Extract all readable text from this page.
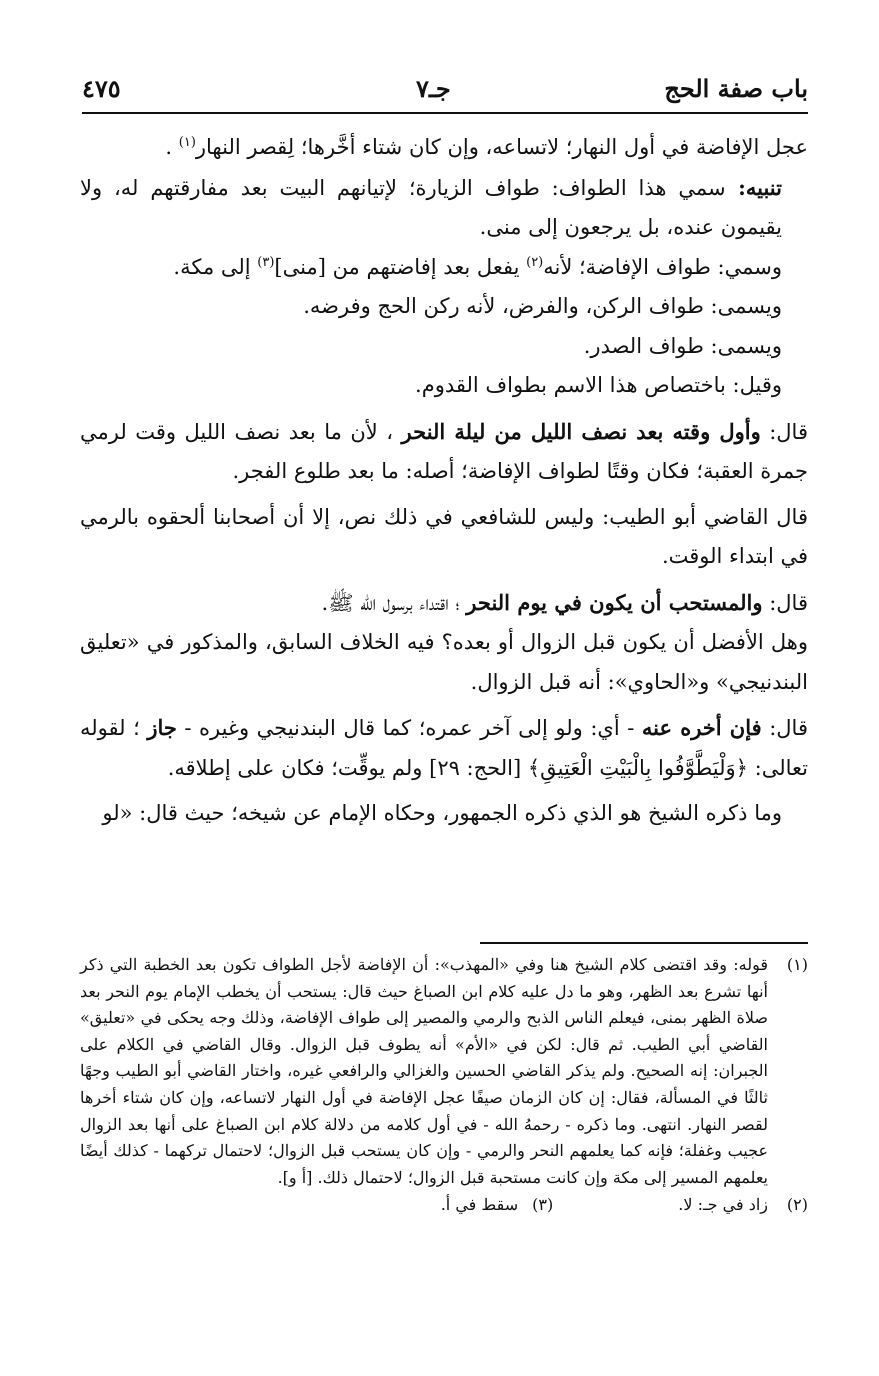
باب صفة الحج
جـ٧
٤٧٥

عجل الإفاضة في أول النهار؛ لاتساعه، وإن كان شتاء أخَّرها؛ لِقصر النهار$^{(١)}$ .

تنبيه: سمي هذا الطواف: طواف الزيارة؛ لإتيانهم البيت بعد مفارقتهم له، ولا يقيمون عنده، بل يرجعون إلى منى.

وسمي: طواف الإفاضة؛ لأنه$^{(٢)}$ يفعل بعد إفاضتهم من [منى]$^{(٣)}$ إلى مكة.

ويسمى: طواف الركن، والفرض، لأنه ركن الحج وفرضه.

ويسمى: طواف الصدر.

وقيل: باختصاص هذا الاسم بطواف القدوم.

قال: وأول وقته بعد نصف الليل من ليلة النحر ، لأن ما بعد نصف الليل وقت لرمي جمرة العقبة؛ فكان وقتًا لطواف الإفاضة؛ أصله: ما بعد طلوع الفجر.

قال القاضي أبو الطيب: وليس للشافعي في ذلك نص، إلا أن أصحابنا ألحقوه بالرمي في ابتداء الوقت.

قال: والمستحب أن يكون في يوم النحر ؛ اقتداء برسول الله ﷺ.

وهل الأفضل أن يكون قبل الزوال أو بعده؟ فيه الخلاف السابق، والمذكور في «تعليق البندنيجي» و«الحاوي»: أنه قبل الزوال.

قال: فإن أخره عنه - أي: ولو إلى آخر عمره؛ كما قال البندنيجي وغيره - جاز ؛ لقوله تعالى: ﴿وَلْيَطَّوَّفُوا بِالْبَيْتِ الْعَتِيقِ﴾ [الحج: ٢٩] ولم يوقِّت؛ فكان على إطلاقه.

وما ذكره الشيخ هو الذي ذكره الجمهور، وحكاه الإمام عن شيخه؛ حيث قال: «لو

(١)
قوله: وقد اقتضى كلام الشيخ هنا وفي «المهذب»: أن الإفاضة لأجل الطواف تكون بعد الخطبة التي ذكر أنها تشرع بعد الظهر، وهو ما دل عليه كلام ابن الصباغ حيث قال: يستحب أن يخطب الإمام يوم النحر بعد صلاة الظهر بمنى، فيعلم الناس الذبح والرمي والمصير إلى طواف الإفاضة، وذلك وجه يحكى في «تعليق» القاضي أبي الطيب. ثم قال: لكن في «الأم» أنه يطوف قبل الزوال. وقال القاضي في الكلام على الجبران: إنه الصحيح. ولم يذكر القاضي الحسين والغزالي والرافعي غيره، واختار القاضي أبو الطيب وجهًا ثالثًا في المسألة، فقال: إن كان الزمان صيفًا عجل الإفاضة في أول النهار لاتساعه، وإن كان شتاء أخرها لقصر النهار. انتهى. وما ذكره - رحمهُ الله - في أول كلامه من دلالة كلام ابن الصباغ على أنها بعد الزوال عجيب وغفلة؛ فإنه كما يعلمهم النحر والرمي - وإن كان يستحب قبل الزوال؛ لاحتمال تركهما - كذلك أيضًا يعلمهم المسير إلى مكة وإن كانت مستحبة قبل الزوال؛ لاحتمال ذلك. [أ و].
(٢)
زاد في جـ: لا. (٣)سقط في أ.
